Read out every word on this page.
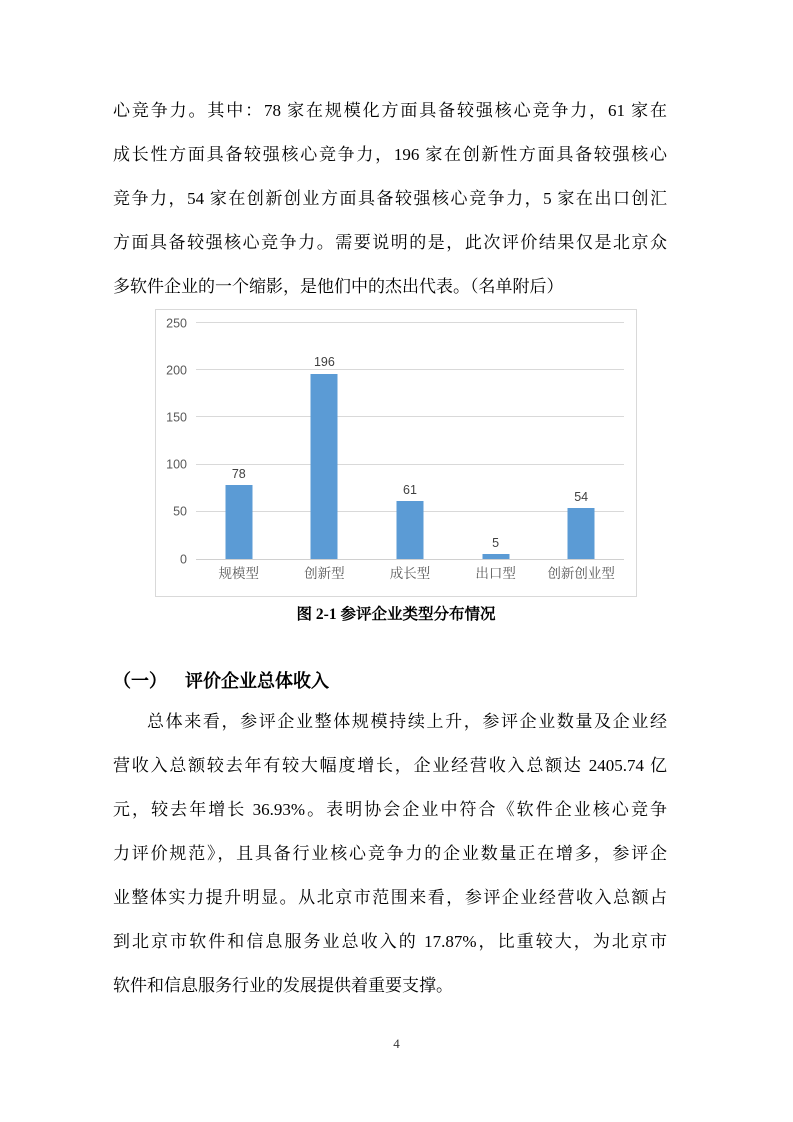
心竞争力。其中：78 家在规模化方面具备较强核心竞争力，61 家在
成长性方面具备较强核心竞争力，196 家在创新性方面具备较强核心
竞争力，54 家在创新创业方面具备较强核心竞争力，5 家在出口创汇
方面具备较强核心竞争力。需要说明的是，此次评价结果仅是北京众
多软件企业的一个缩影，是他们中的杰出代表。（名单附后）
0
50
100
150
200
250
78
规模型
196
创新型
61
成长型
5
出口型
54
创新创业型
图 2-1 参评企业类型分布情况
（一） 评价企业总体收入
总体来看，参评企业整体规模持续上升，参评企业数量及企业经
营收入总额较去年有较大幅度增长，企业经营收入总额达 2405.74 亿
元，较去年增长 36.93%。表明协会企业中符合《软件企业核心竞争
力评价规范》，且具备行业核心竞争力的企业数量正在增多，参评企
业整体实力提升明显。从北京市范围来看，参评企业经营收入总额占
到北京市软件和信息服务业总收入的 17.87%，比重较大，为北京市
软件和信息服务行业的发展提供着重要支撑。
4
